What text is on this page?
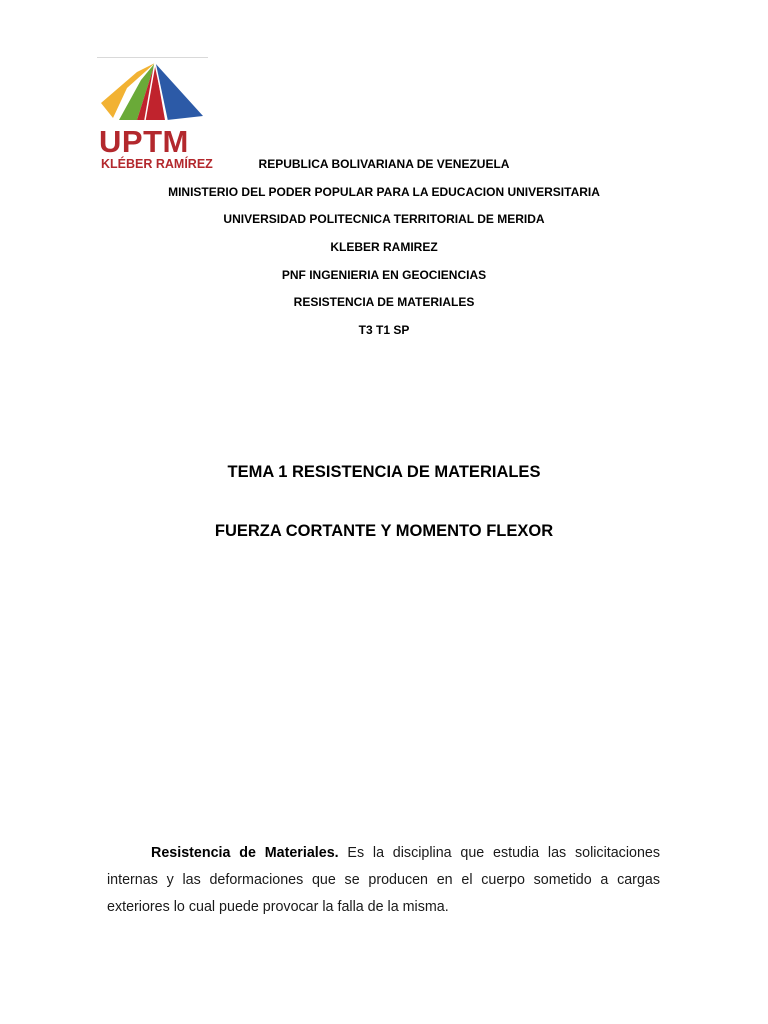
UPTM
KLÉBER RAMÍREZ	REPUBLICA BOLIVARIANA DE VENEZUELA
MINISTERIO DEL PODER POPULAR PARA LA EDUCACION UNIVERSITARIA
UNIVERSIDAD POLITECNICA TERRITORIAL DE MERIDA
KLEBER RAMIREZ
PNF INGENIERIA EN GEOCIENCIAS
RESISTENCIA DE MATERIALES
T3 T1 SP
TEMA 1 RESISTENCIA DE MATERIALES
FUERZA CORTANTE Y MOMENTO FLEXOR

Resistencia de Materiales. Es la disciplina que estudia las solicitaciones internas y las deformaciones que se producen en el cuerpo sometido a cargas exteriores lo cual puede provocar la falla de la misma.
